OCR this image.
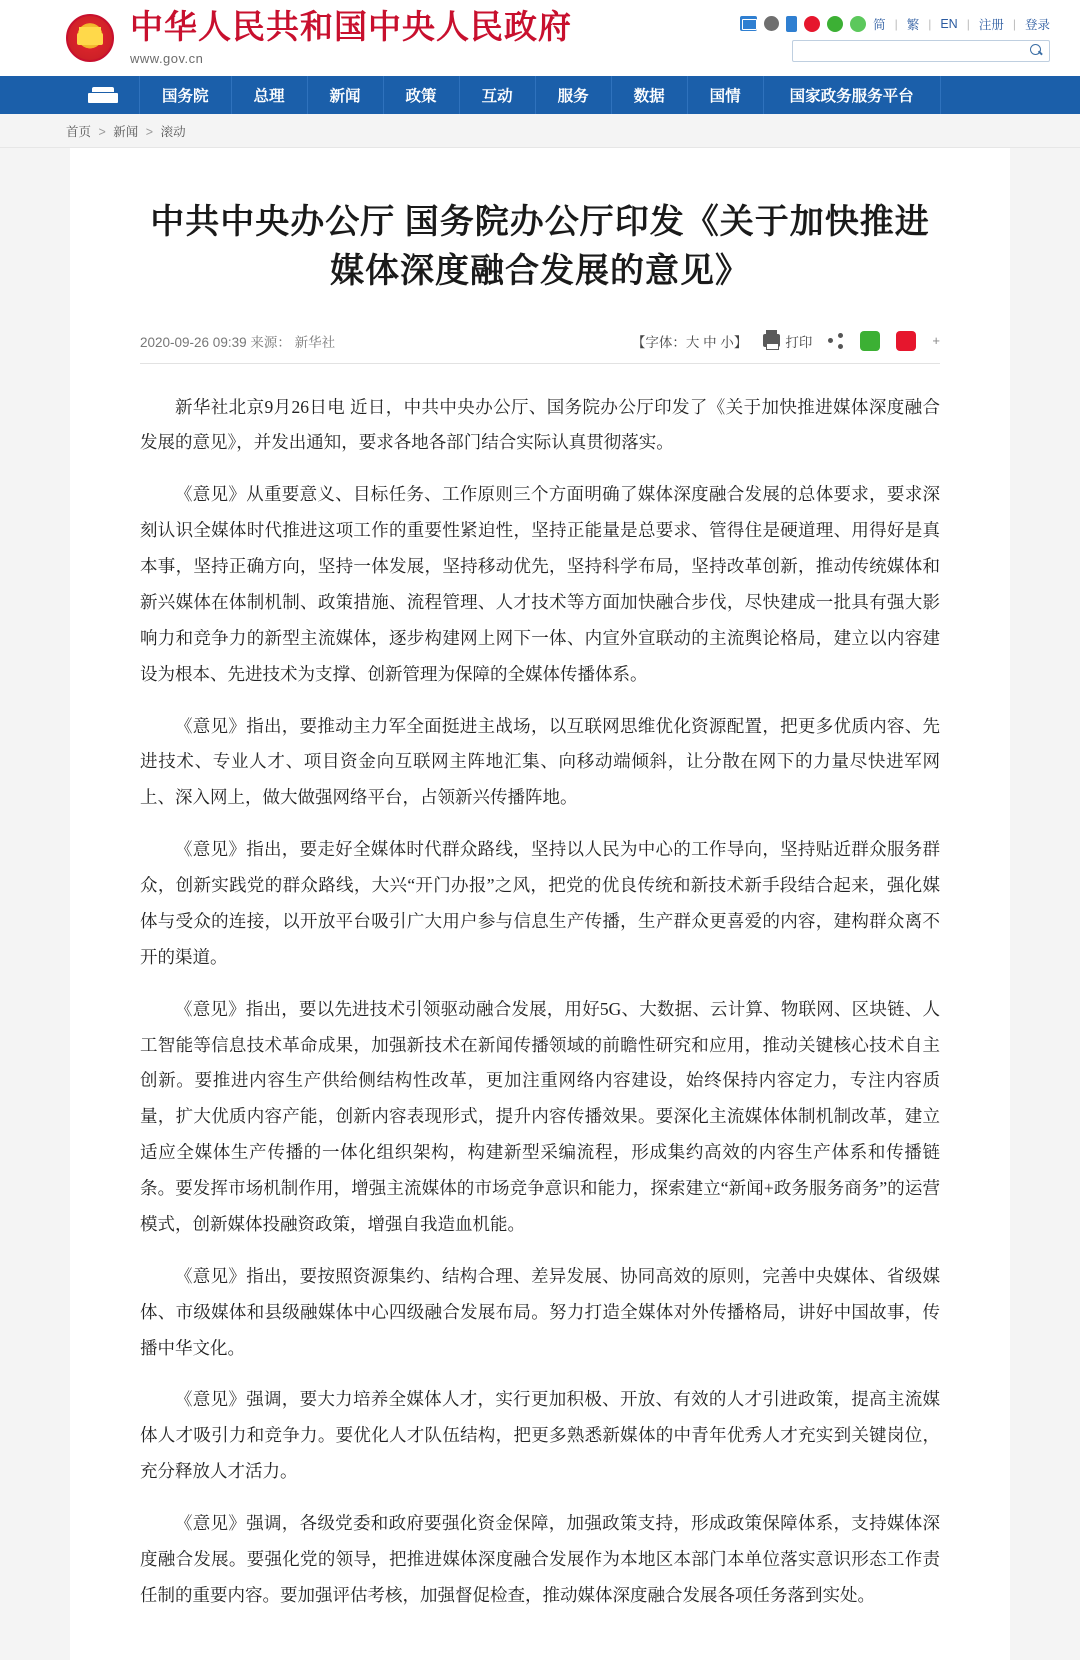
中华人民共和国中央人民政府
www.gov.cn
简 | 繁 | EN | 注册 | 登录
国务院	总理	新闻	政策	互动	服务	数据	国情	国家政务服务平台
首页 > 新闻 > 滚动
中共中央办公厅 国务院办公厅印发《关于加快推进媒体深度融合发展的意见》
2020-09-26 09:39 来源： 新华社	【字体：大 中 小】	打印	+

新华社北京9月26日电 近日，中共中央办公厅、国务院办公厅印发了《关于加快推进媒体深度融合发展的意见》，并发出通知，要求各地各部门结合实际认真贯彻落实。

《意见》从重要意义、目标任务、工作原则三个方面明确了媒体深度融合发展的总体要求，要求深刻认识全媒体时代推进这项工作的重要性紧迫性，坚持正能量是总要求、管得住是硬道理、用得好是真本事，坚持正确方向，坚持一体发展，坚持移动优先，坚持科学布局，坚持改革创新，推动传统媒体和新兴媒体在体制机制、政策措施、流程管理、人才技术等方面加快融合步伐，尽快建成一批具有强大影响力和竞争力的新型主流媒体，逐步构建网上网下一体、内宣外宣联动的主流舆论格局，建立以内容建设为根本、先进技术为支撑、创新管理为保障的全媒体传播体系。

《意见》指出，要推动主力军全面挺进主战场，以互联网思维优化资源配置，把更多优质内容、先进技术、专业人才、项目资金向互联网主阵地汇集、向移动端倾斜，让分散在网下的力量尽快进军网上、深入网上，做大做强网络平台，占领新兴传播阵地。

《意见》指出，要走好全媒体时代群众路线，坚持以人民为中心的工作导向，坚持贴近群众服务群众，创新实践党的群众路线，大兴“开门办报”之风，把党的优良传统和新技术新手段结合起来，强化媒体与受众的连接，以开放平台吸引广大用户参与信息生产传播，生产群众更喜爱的内容，建构群众离不开的渠道。

《意见》指出，要以先进技术引领驱动融合发展，用好5G、大数据、云计算、物联网、区块链、人工智能等信息技术革命成果，加强新技术在新闻传播领域的前瞻性研究和应用，推动关键核心技术自主创新。要推进内容生产供给侧结构性改革，更加注重网络内容建设，始终保持内容定力，专注内容质量，扩大优质内容产能，创新内容表现形式，提升内容传播效果。要深化主流媒体体制机制改革，建立适应全媒体生产传播的一体化组织架构，构建新型采编流程，形成集约高效的内容生产体系和传播链条。要发挥市场机制作用，增强主流媒体的市场竞争意识和能力，探索建立“新闻+政务服务商务”的运营模式，创新媒体投融资政策，增强自我造血机能。

《意见》指出，要按照资源集约、结构合理、差异发展、协同高效的原则，完善中央媒体、省级媒体、市级媒体和县级融媒体中心四级融合发展布局。努力打造全媒体对外传播格局，讲好中国故事，传播中华文化。

《意见》强调，要大力培养全媒体人才，实行更加积极、开放、有效的人才引进政策，提高主流媒体人才吸引力和竞争力。要优化人才队伍结构，把更多熟悉新媒体的中青年优秀人才充实到关键岗位，充分释放人才活力。

《意见》强调，各级党委和政府要强化资金保障，加强政策支持，形成政策保障体系，支持媒体深度融合发展。要强化党的领导，把推进媒体深度融合发展作为本地区本部门本单位落实意识形态工作责任制的重要内容。要加强评估考核，加强督促检查，推动媒体深度融合发展各项任务落到实处。
